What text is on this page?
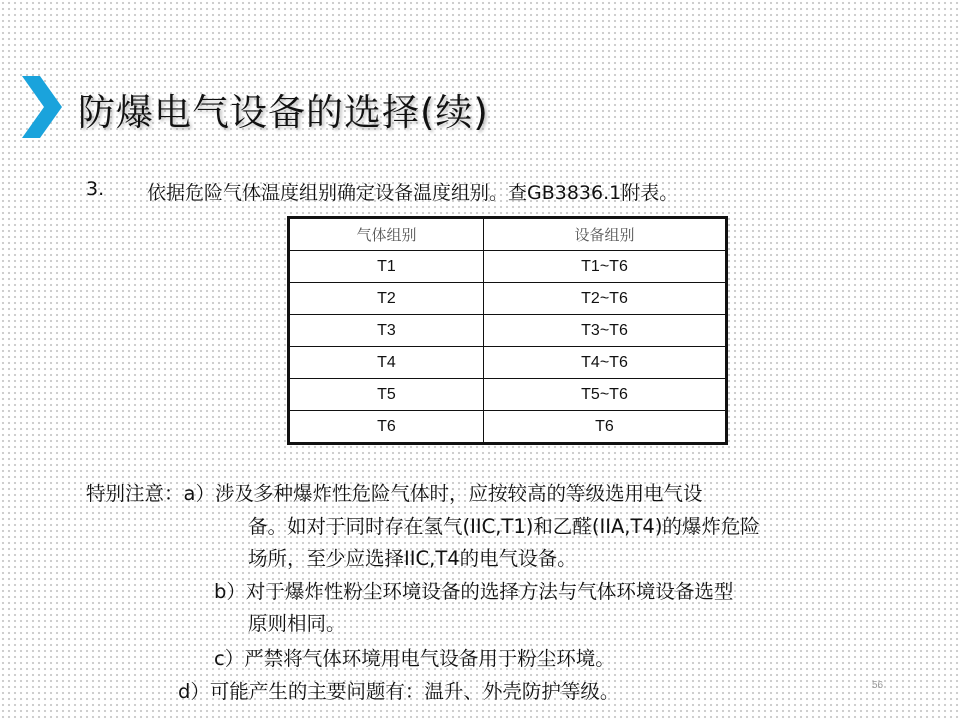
防爆电气设备的选择(续)
3. 依据危险气体温度组别确定设备温度组别。查GB3836.1附表。
气体组别	设备组别
T1	T1~T6
T2	T2~T6
T3	T3~T6
T4	T4~T6
T5	T5~T6
T6	T6
特别注意：a）涉及多种爆炸性危险气体时，应按较高的等级选用电气设
备。如对于同时存在氢气(IIC,T1)和乙醛(IIA,T4)的爆炸危险
场所，至少应选择IIC,T4的电气设备。
b）对于爆炸性粉尘环境设备的选择方法与气体环境设备选型
原则相同。
c）严禁将气体环境用电气设备用于粉尘环境。
d）可能产生的主要问题有：温升、外壳防护等级。	56
